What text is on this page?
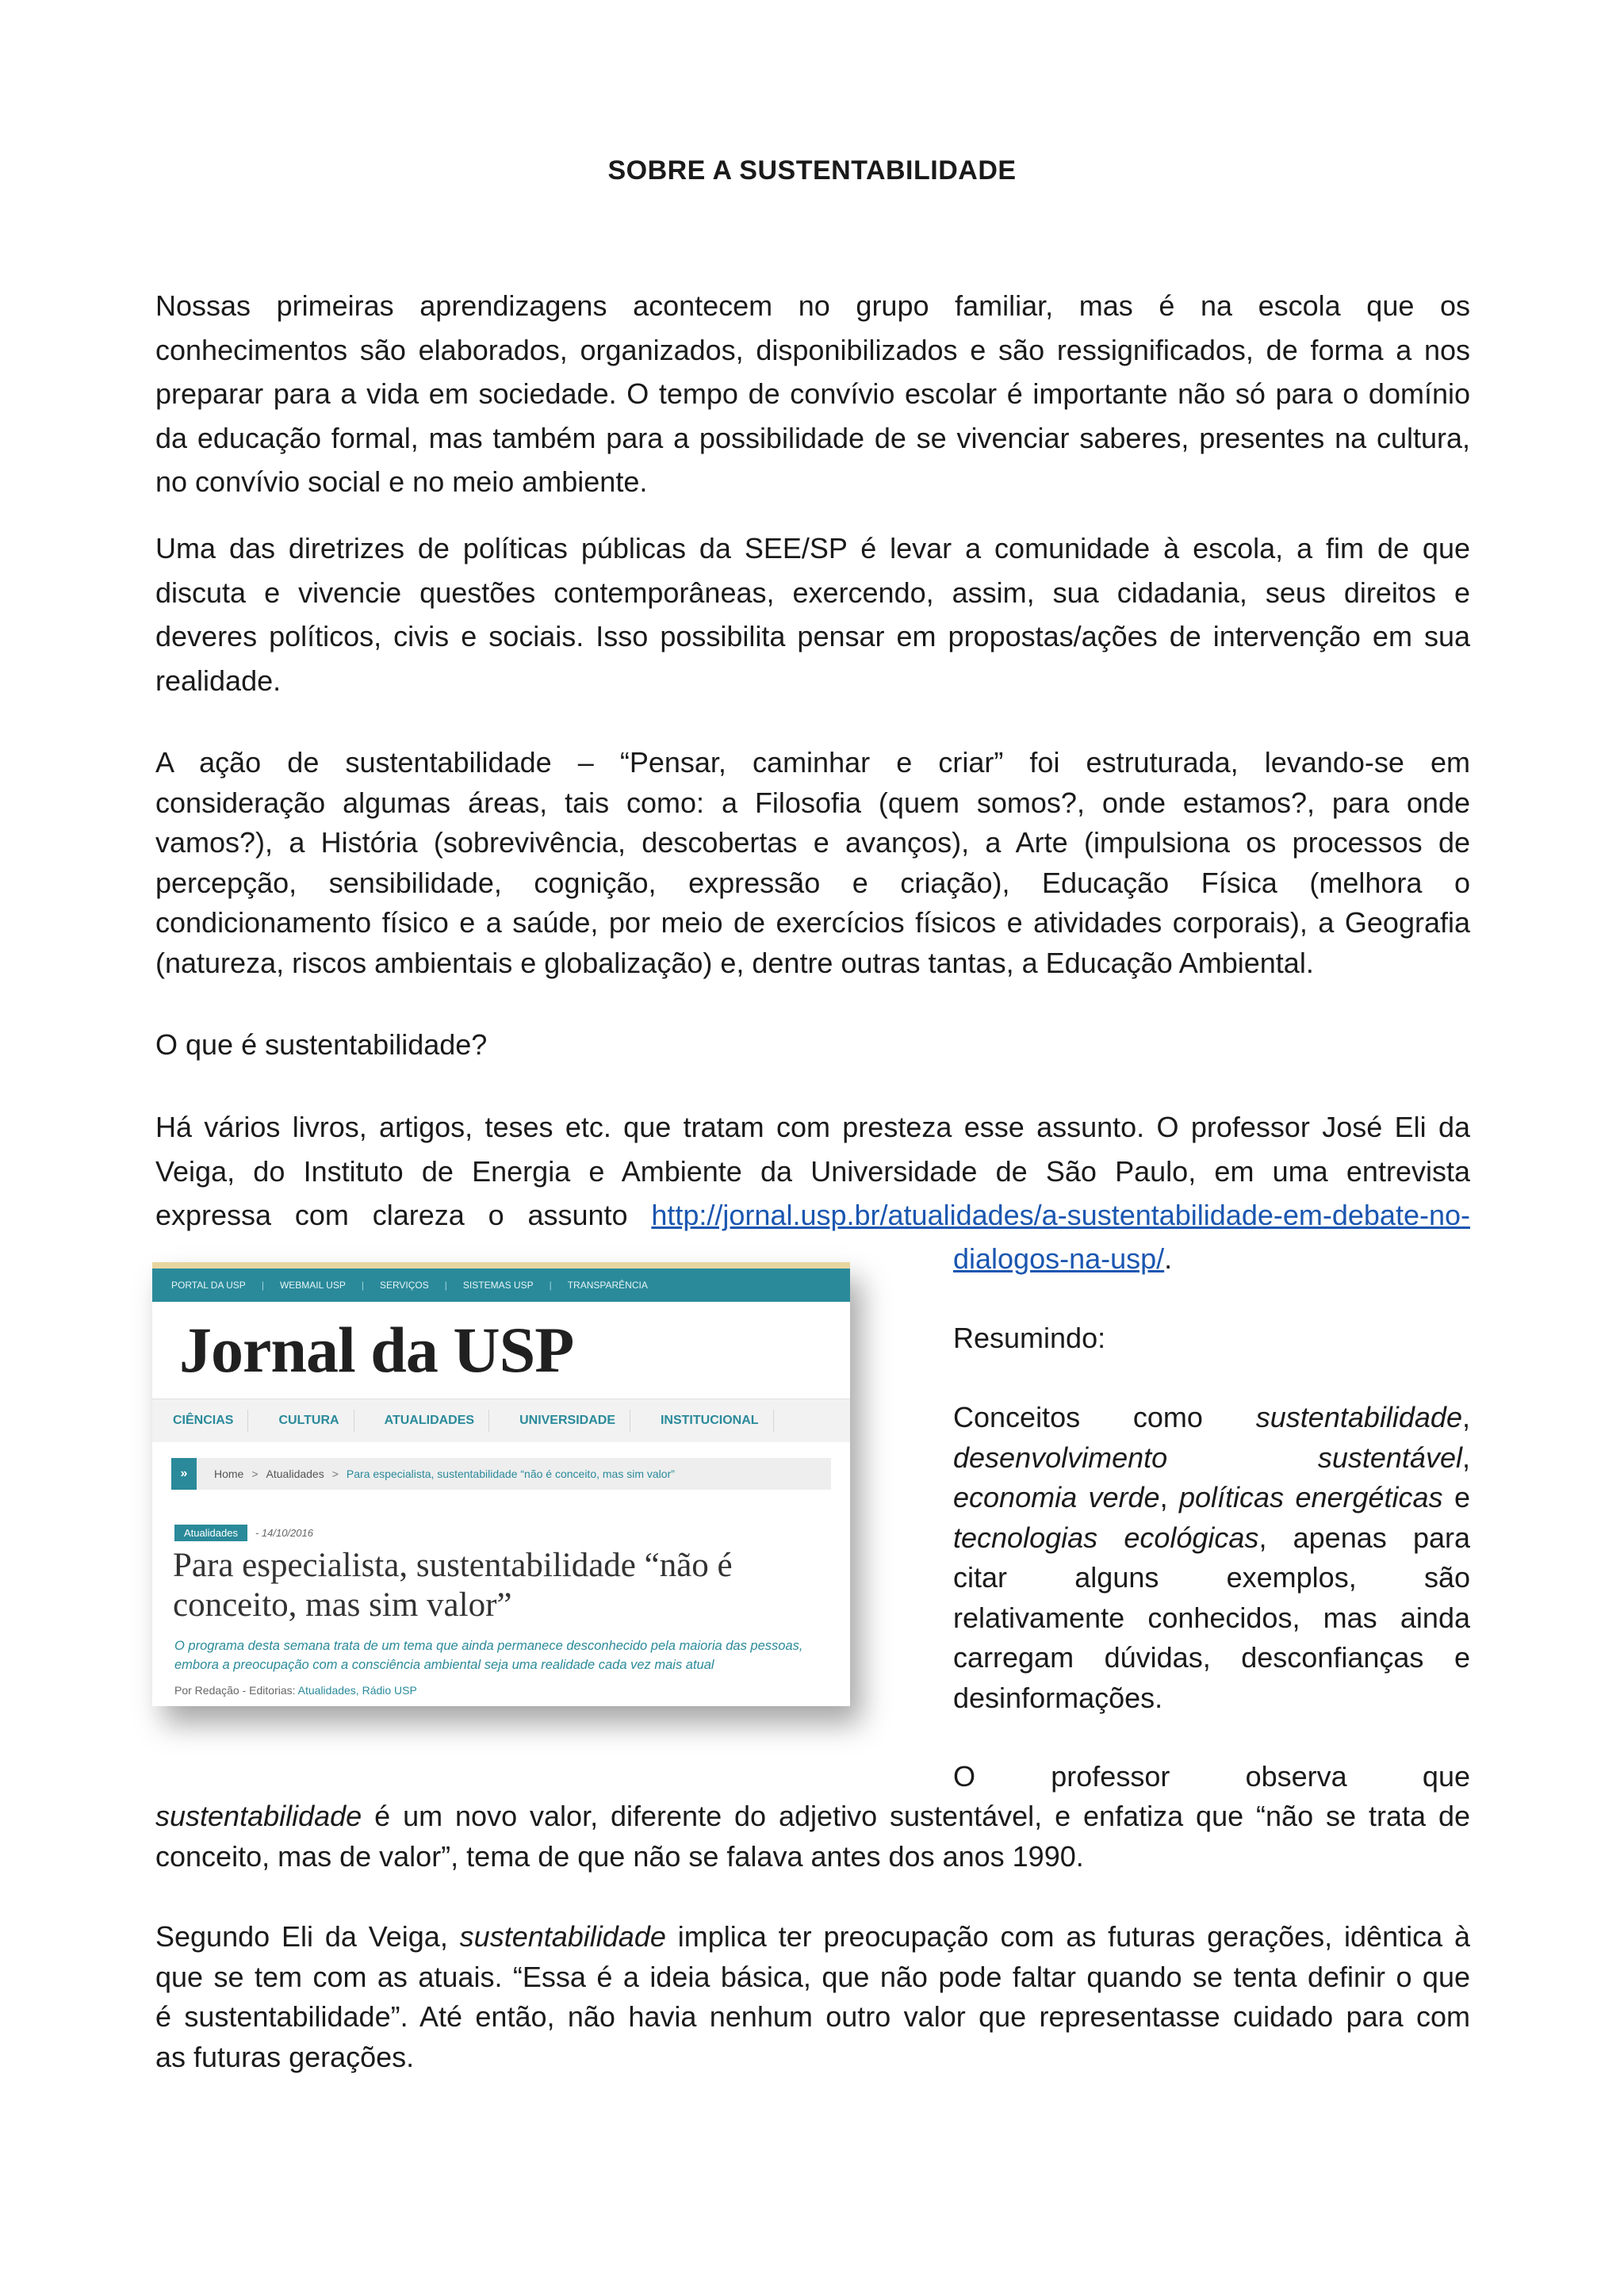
SOBRE A SUSTENTABILIDADE
Nossas primeiras aprendizagens acontecem no grupo familiar, mas é na escola que os
conhecimentos são elaborados, organizados, disponibilizados e são ressignificados, de forma a nos
preparar para a vida em sociedade. O tempo de convívio escolar é importante não só para o domínio
da educação formal, mas também para a possibilidade de se vivenciar saberes, presentes na cultura,
no convívio social e no meio ambiente.
Uma das diretrizes de políticas públicas da SEE/SP é levar a comunidade à escola, a fim de que
discuta e vivencie questões contemporâneas, exercendo, assim, sua cidadania, seus direitos e
deveres políticos, civis e sociais. Isso possibilita pensar em propostas/ações de intervenção em sua
realidade.
A ação de sustentabilidade – “Pensar, caminhar e criar” foi estruturada, levando-se em
consideração algumas áreas, tais como: a Filosofia (quem somos?, onde estamos?, para onde
vamos?), a História (sobrevivência, descobertas e avanços), a Arte (impulsiona os processos de
percepção, sensibilidade, cognição, expressão e criação), Educação Física (melhora o
condicionamento físico e a saúde, por meio de exercícios físicos e atividades corporais), a Geografia
(natureza, riscos ambientais e globalização) e, dentre outras tantas, a Educação Ambiental.
O que é sustentabilidade?
Há vários livros, artigos, teses etc. que tratam com presteza esse assunto. O professor José Eli da
Veiga, do Instituto de Energia e Ambiente da Universidade de São Paulo, em uma entrevista
expressa com clareza o assunto http://jornal.usp.br/atualidades/a-sustentabilidade-em-debate-no-
dialogos-na-usp/.
Resumindo:
Conceitos como sustentabilidade,
desenvolvimento sustentável,
economia verde, políticas energéticas e
tecnologias ecológicas, apenas para
citar alguns exemplos, são
relativamente conhecidos, mas ainda
carregam dúvidas, desconfianças e
desinformações.
O professor observa que
sustentabilidade é um novo valor, diferente do adjetivo sustentável, e enfatiza que “não se trata de
conceito, mas de valor”, tema de que não se falava antes dos anos 1990.
Segundo Eli da Veiga, sustentabilidade implica ter preocupação com as futuras gerações, idêntica à
que se tem com as atuais. “Essa é a ideia básica, que não pode faltar quando se tenta definir o que
é sustentabilidade”. Até então, não havia nenhum outro valor que representasse cuidado para com
as futuras gerações.
PORTAL DA USP | WEBMAIL USP | SERVIÇOS | SISTEMAS USP | TRANSPARÊNCIA
Jornal da USP
CIÊNCIAS	CULTURA	ATUALIDADES	UNIVERSIDADE	INSTITUCIONAL
»	Home > Atualidades > Para especialista, sustentabilidade “não é conceito, mas sim valor”
Atualidades	- 14/10/2016
Para especialista, sustentabilidade “não é conceito, mas sim valor”
O programa desta semana trata de um tema que ainda permanece desconhecido pela maioria das pessoas, embora a preocupação com a consciência ambiental seja uma realidade cada vez mais atual
Por Redação - Editorias: Atualidades, Rádio USP
